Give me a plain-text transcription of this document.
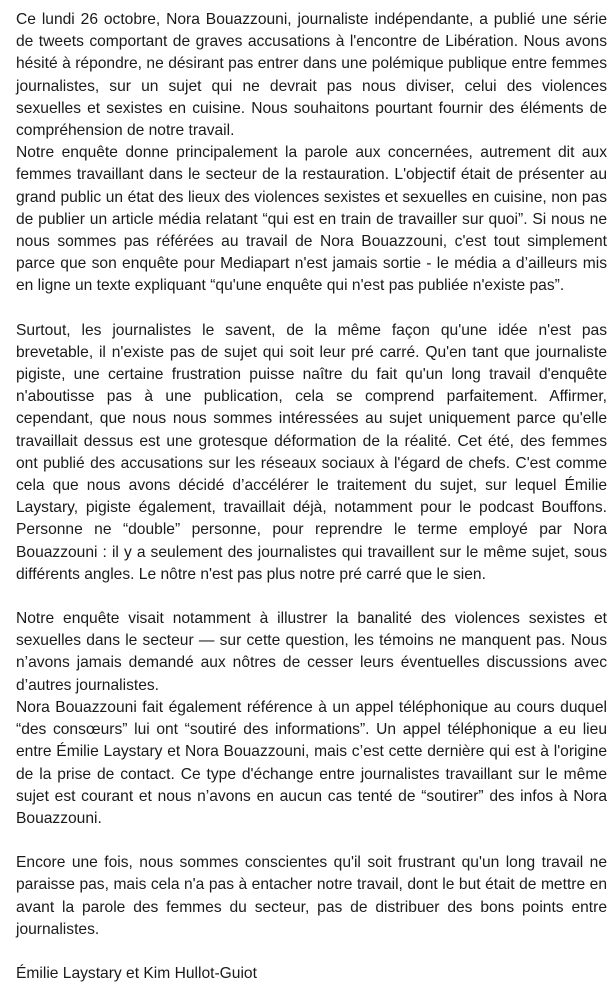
Ce lundi 26 octobre, Nora Bouazzouni, journaliste indépendante, a publié une série de tweets comportant de graves accusations à l'encontre de Libération. Nous avons hésité à répondre, ne désirant pas entrer dans une polémique publique entre femmes journalistes, sur un sujet qui ne devrait pas nous diviser, celui des violences sexuelles et sexistes en cuisine. Nous souhaitons pourtant fournir des éléments de compréhension de notre travail.

Notre enquête donne principalement la parole aux concernées, autrement dit aux femmes travaillant dans le secteur de la restauration. L'objectif était de présenter au grand public un état des lieux des violences sexistes et sexuelles en cuisine, non pas de publier un article média relatant “qui est en train de travailler sur quoi”. Si nous ne nous sommes pas référées au travail de Nora Bouazzouni, c'est tout simplement parce que son enquête pour Mediapart n'est jamais sortie - le média a d’ailleurs mis en ligne un texte expliquant “qu'une enquête qui n'est pas publiée n'existe pas”.

Surtout, les journalistes le savent, de la même façon qu'une idée n'est pas brevetable, il n'existe pas de sujet qui soit leur pré carré. Qu'en tant que journaliste pigiste, une certaine frustration puisse naître du fait qu'un long travail d'enquête n'aboutisse pas à une publication, cela se comprend parfaitement. Affirmer, cependant, que nous nous sommes intéressées au sujet uniquement parce qu'elle travaillait dessus est une grotesque déformation de la réalité. Cet été, des femmes ont publié des accusations sur les réseaux sociaux à l'égard de chefs. C'est comme cela que nous avons décidé d’accélérer le traitement du sujet, sur lequel Émilie Laystary, pigiste également, travaillait déjà, notamment pour le podcast Bouffons. Personne ne “double” personne, pour reprendre le terme employé par Nora Bouazzouni : il y a seulement des journalistes qui travaillent sur le même sujet, sous différents angles. Le nôtre n'est pas plus notre pré carré que le sien.

Notre enquête visait notamment à illustrer la banalité des violences sexistes et sexuelles dans le secteur — sur cette question, les témoins ne manquent pas. Nous n’avons jamais demandé aux nôtres de cesser leurs éventuelles discussions avec d’autres journalistes.

Nora Bouazzouni fait également référence à un appel téléphonique au cours duquel “des consœurs” lui ont “soutiré des informations”. Un appel téléphonique a eu lieu entre Émilie Laystary et Nora Bouazzouni, mais c’est cette dernière qui est à l'origine de la prise de contact. Ce type d'échange entre journalistes travaillant sur le même sujet est courant et nous n’avons en aucun cas tenté de “soutirer” des infos à Nora Bouazzouni.

Encore une fois, nous sommes conscientes qu'il soit frustrant qu'un long travail ne paraisse pas, mais cela n'a pas à entacher notre travail, dont le but était de mettre en avant la parole des femmes du secteur, pas de distribuer des bons points entre journalistes.

Émilie Laystary et Kim Hullot-Guiot
